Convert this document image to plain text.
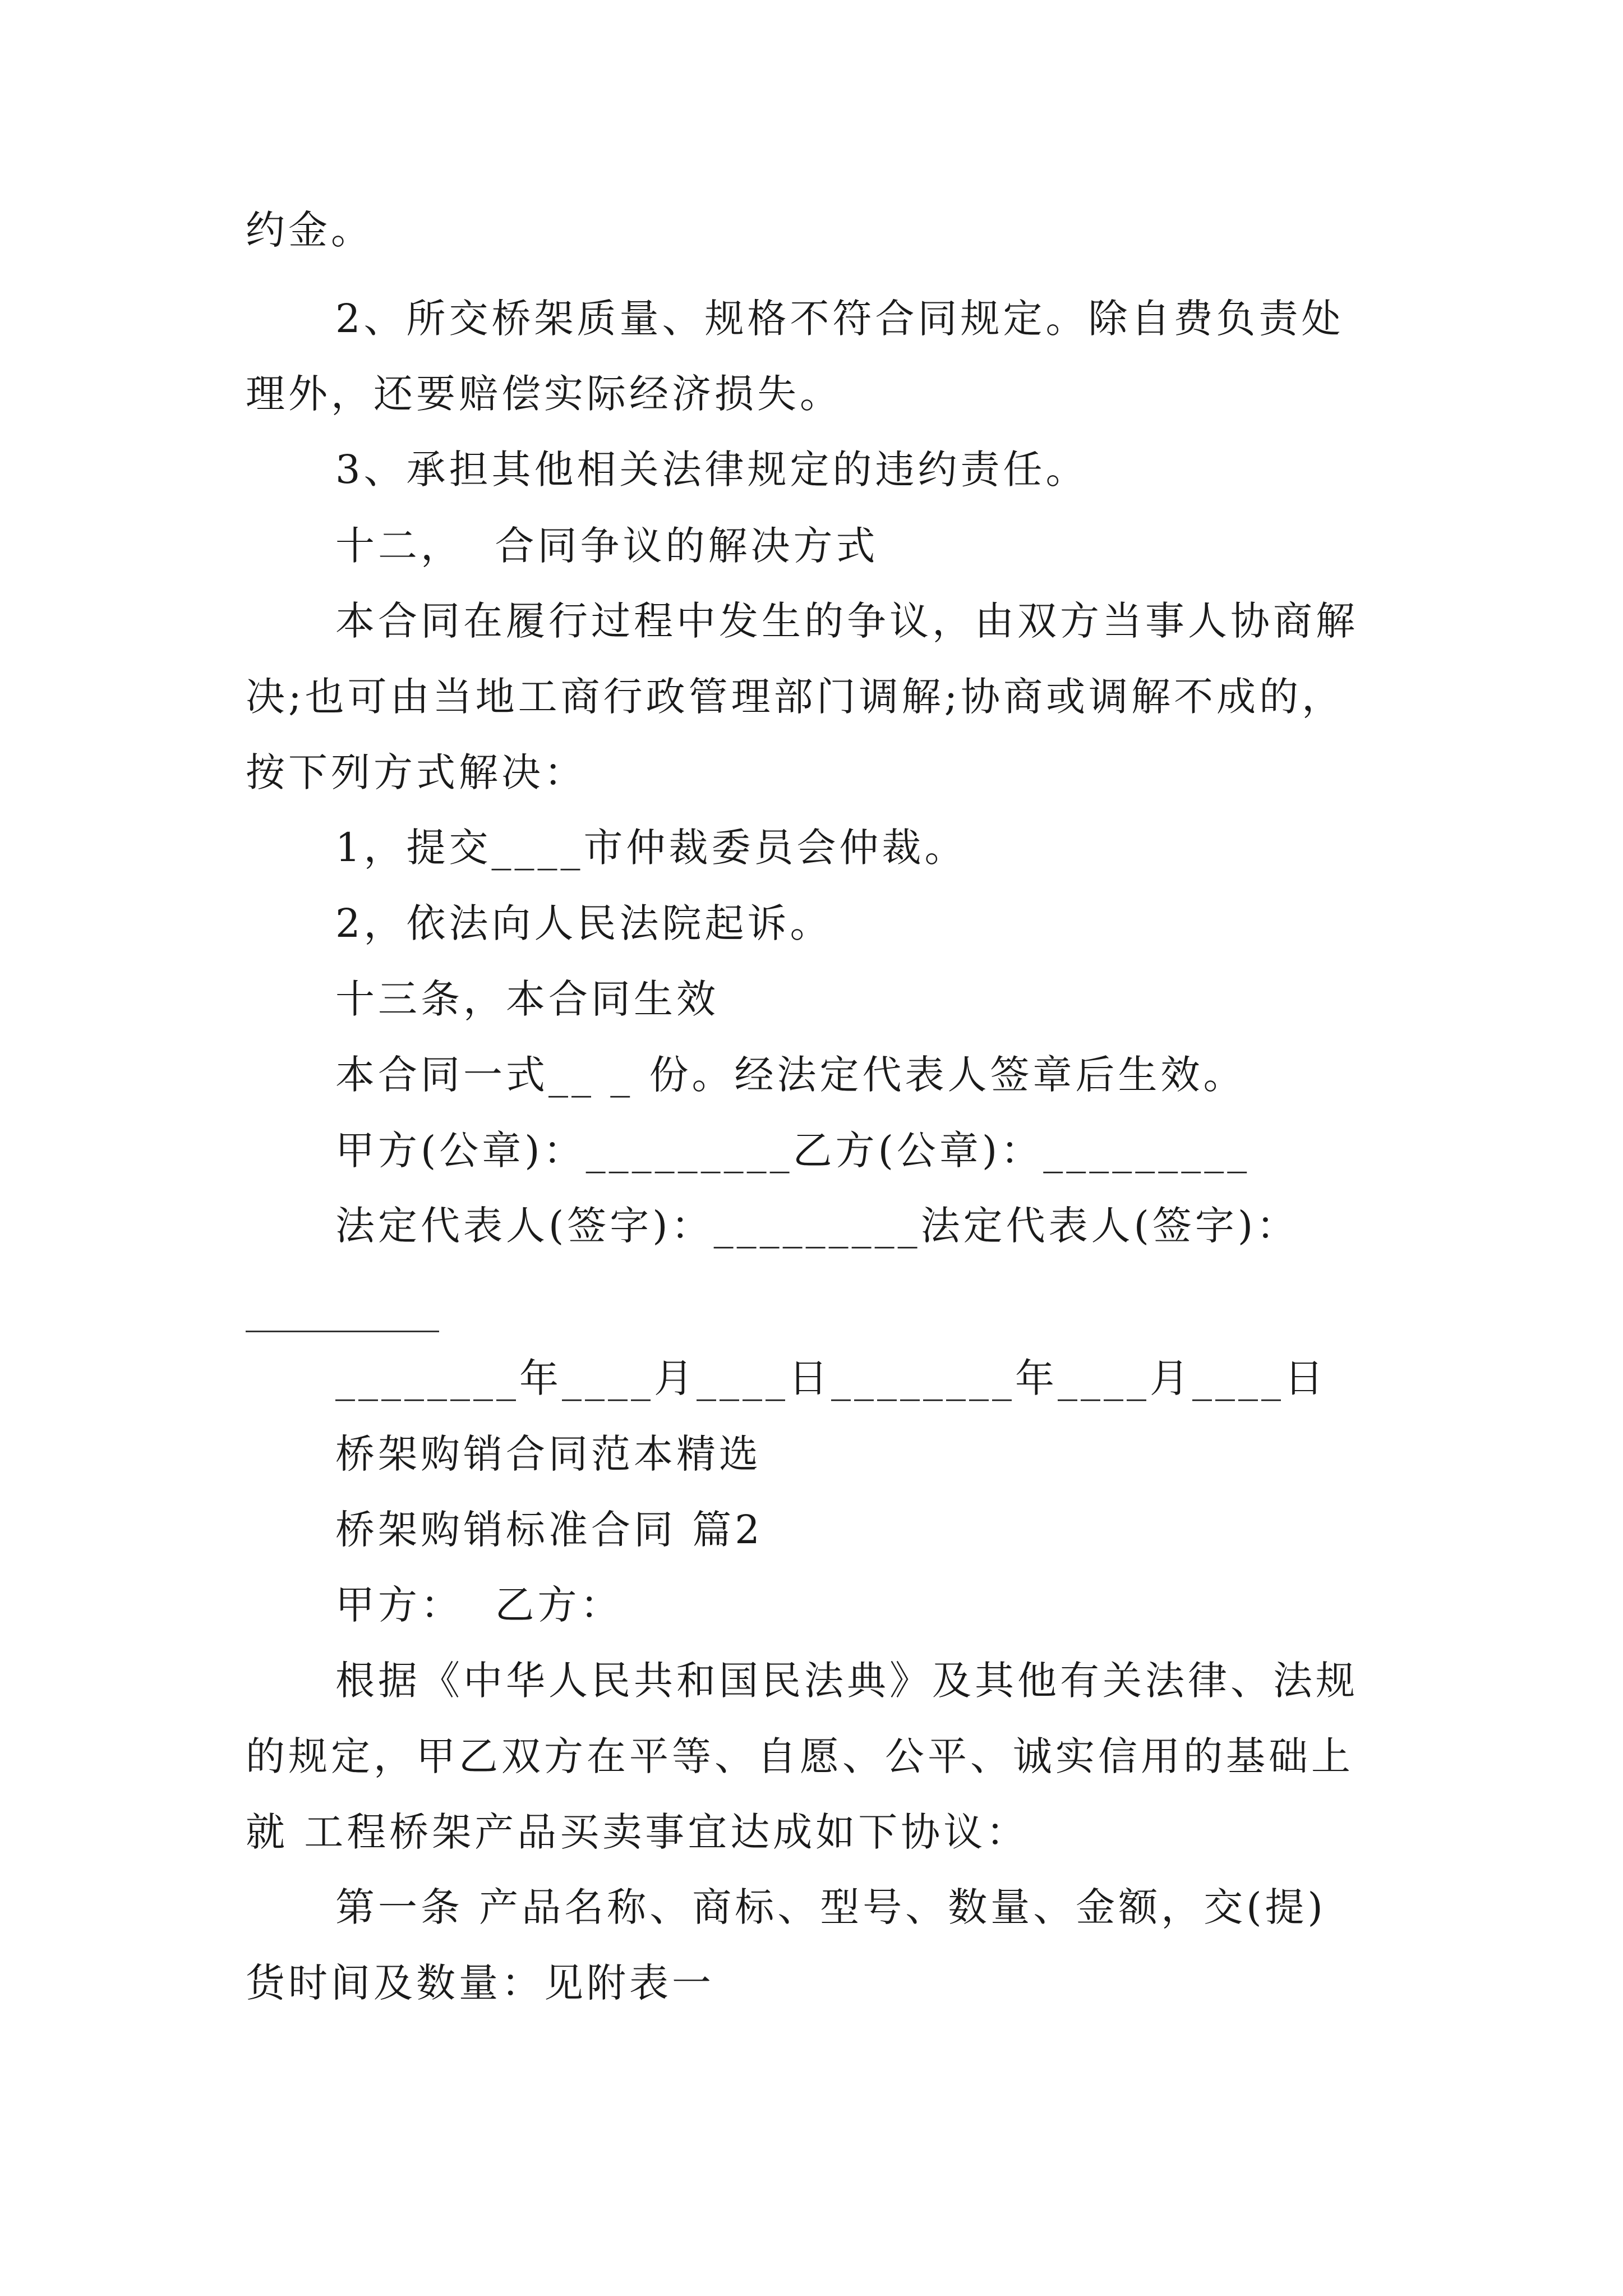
约金。
2、所交桥架质量、规格不符合同规定。除自费负责处
理外，还要赔偿实际经济损失。
3、承担其他相关法律规定的违约责任。
十二，  合同争议的解决方式
本合同在履行过程中发生的争议，由双方当事人协商解
决;也可由当地工商行政管理部门调解;协商或调解不成的，
按下列方式解决：
1，提交____市仲裁委员会仲裁。
2，依法向人民法院起诉。
十三条，本合同生效
本合同一式__ _ 份。经法定代表人签章后生效。
甲方(公章)：_________乙方(公章)：_________
法定代表人(签字)：_________法定代表人(签字)：
________年____月____日________年____月____日
桥架购销合同范本精选
桥架购销标准合同 篇2
甲方：  乙方：
根据《中华人民共和国民法典》及其他有关法律、法规
的规定，甲乙双方在平等、自愿、公平、诚实信用的基础上
就 工程桥架产品买卖事宜达成如下协议：
第一条 产品名称、商标、型号、数量、金额，交(提)
货时间及数量：见附表一
